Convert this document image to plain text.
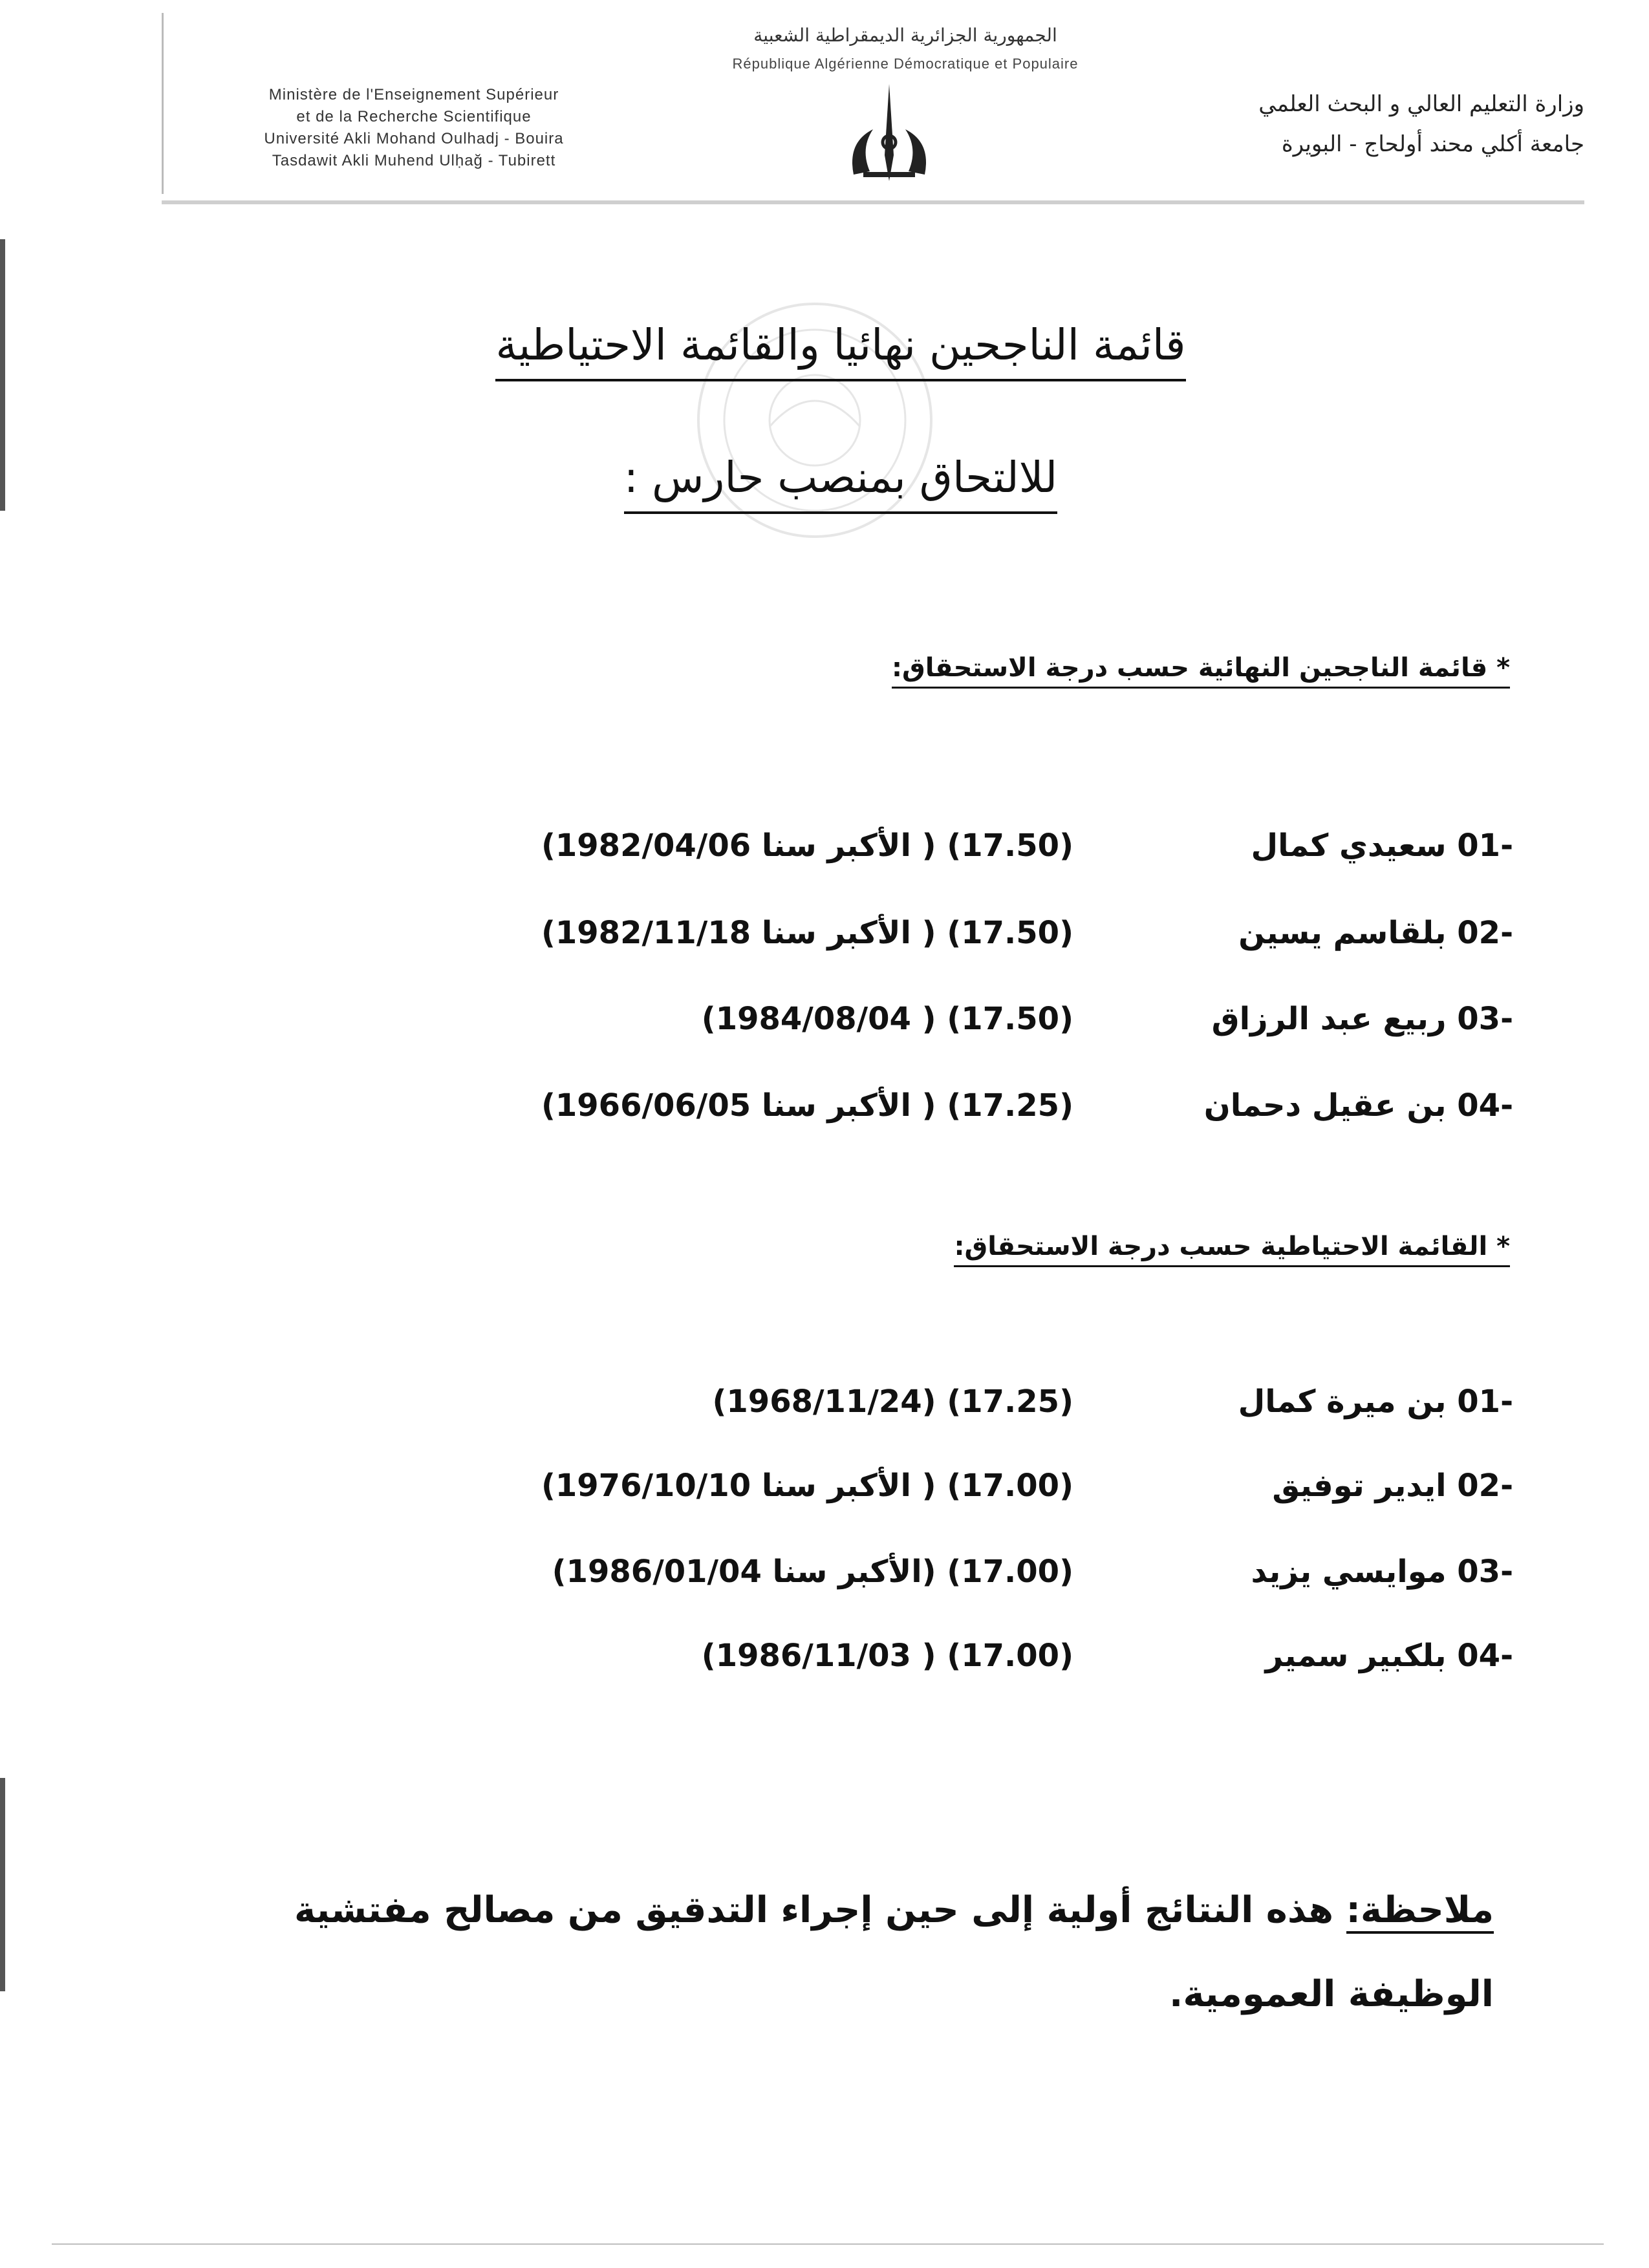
الجمهورية الجزائرية الديمقراطية الشعبية
République Algérienne Démocratique et Populaire
Ministère de l'Enseignement Supérieur
et de la Recherche Scientifique
Université Akli Mohand Oulhadj - Bouira
Tasdawit Akli Muhend Ulḥağ - Tubirett
وزارة التعليم العالي و البحث العلمي
جامعة أكلي محند أولحاج - البويرة
قائمة الناجحين نهائيا والقائمة الاحتياطية
للالتحاق بمنصب حارس :
* قائمة الناجحين النهائية حسب درجة الاستحقاق:
-01 سعيدي كمال
(17.50) ( الأكبر سنا 1982/04/06)
-02 بلقاسم يسين
(17.50) ( الأكبر سنا 1982/11/18)
-03 ربيع عبد الرزاق
(17.50) ( 1984/08/04)
-04 بن عقيل دحمان
(17.25) ( الأكبر سنا 1966/06/05)
* القائمة الاحتياطية حسب درجة الاستحقاق:
-01 بن ميرة كمال
(17.25) (1968/11/24)
-02 ايدير توفيق
(17.00) ( الأكبر سنا 1976/10/10)
-03 موايسي يزيد
(17.00) (الأكبر سنا 1986/01/04)
-04 بلكبير سمير
(17.00) ( 1986/11/03)
ملاحظة: هذه النتائج أولية إلى حين إجراء التدقيق من مصالح مفتشية الوظيفة العمومية.
